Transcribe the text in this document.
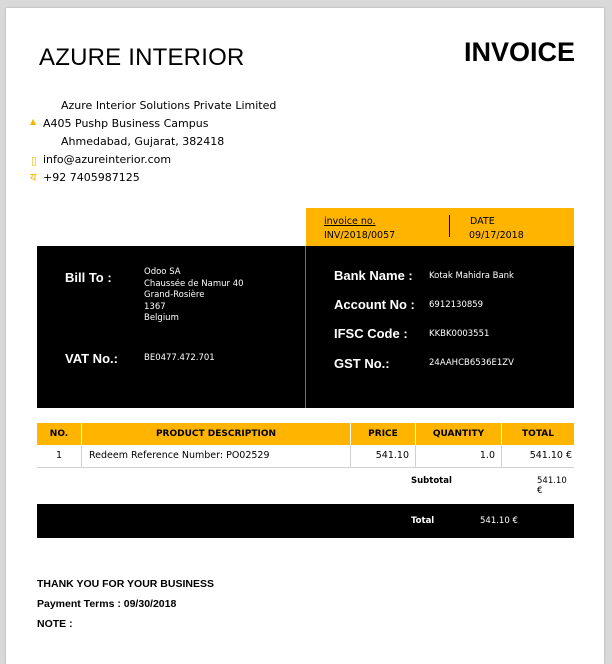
AZURE INTERIOR	INVOICE
Azure Interior Solutions Private Limited
▲ A405 Pushp Business Campus
Ahmedabad, Gujarat, 382418
▯ info@azureinterior.com
य +92 7405987125
invoice no.
INV/2018/0057
DATE
09/17/2018
Bill To :	Odoo SA
Chaussée de Namur 40
Grand-Rosière
1367
Belgium
VAT No.:	BE0477.472.701
Bank Name : Kotak Mahidra Bank
Account No : 6912130859
IFSC Code :	KKBK0003551
GST No.:	24AAHCB6536E1ZV
NO.	PRODUCT DESCRIPTION	PRICE	QUANTITY	TOTAL
1	Redeem Reference Number: PO02529	541.10	1.0	541.10 €
Subtotal	541.10 €
Total	541.10 €
THANK YOU FOR YOUR BUSINESS
Payment Terms : 09/30/2018
NOTE :
